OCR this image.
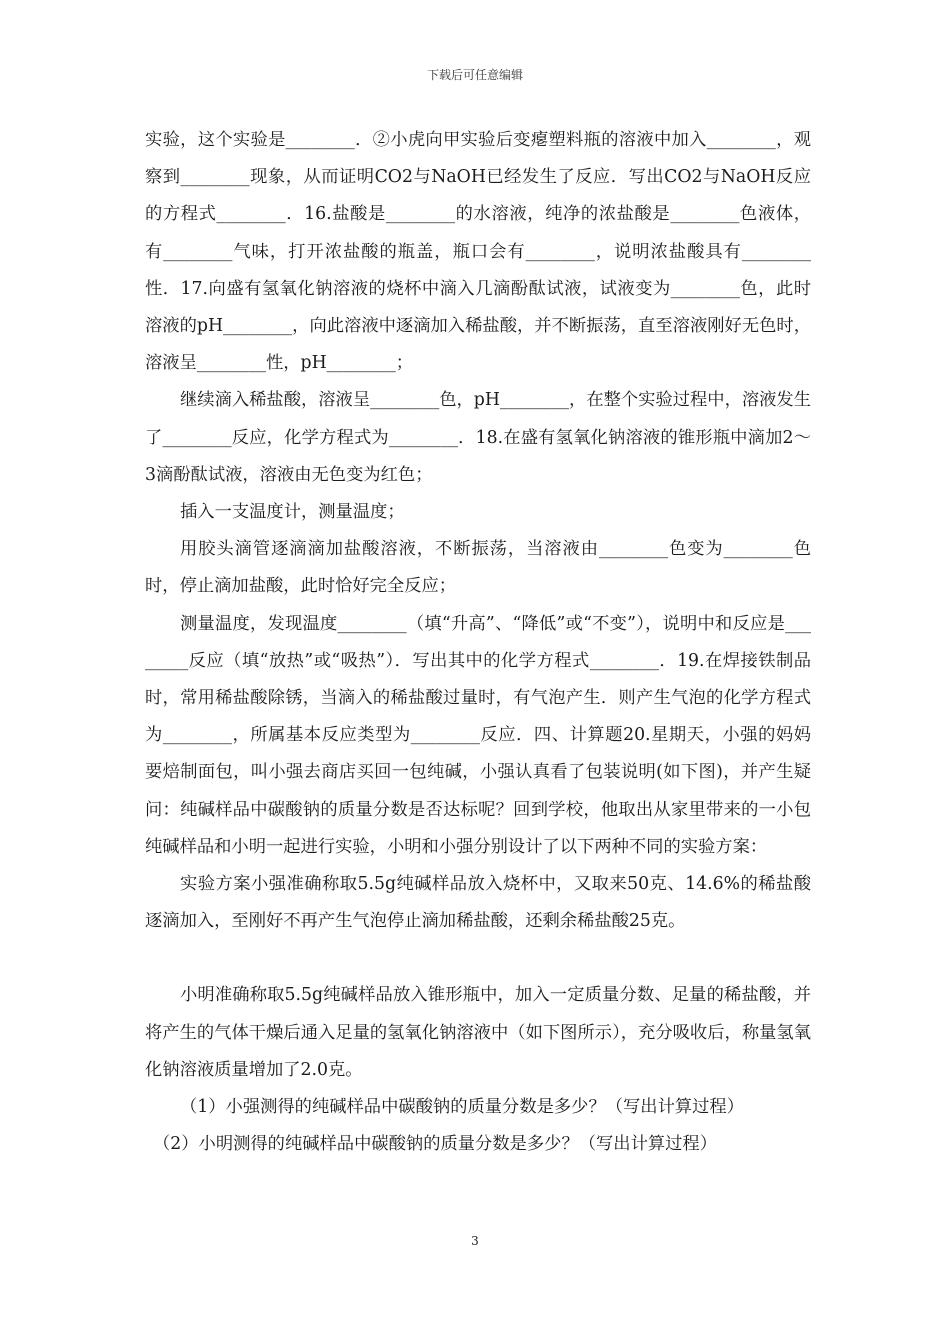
下载后可任意编辑

实验，这个实验是________．②小虎向甲实验后变瘪塑料瓶的溶液中加入________，观察到________现象，从而证明CO2与NaOH已经发生了反应．写出CO2与NaOH反应的方程式________．16.盐酸是________的水溶液，纯净的浓盐酸是________色液体，有________气味，打开浓盐酸的瓶盖，瓶口会有________，说明浓盐酸具有________性．17.向盛有氢氧化钠溶液的烧杯中滴入几滴酚酞试液，试液变为________色，此时溶液的pH________，向此溶液中逐滴加入稀盐酸，并不断振荡，直至溶液刚好无色时，溶液呈________性，pH________；

继续滴入稀盐酸，溶液呈________色，pH________，在整个实验过程中，溶液发生了________反应，化学方程式为________．18.在盛有氢氧化钠溶液的锥形瓶中滴加2～3滴酚酞试液，溶液由无色变为红色；

插入一支温度计，测量温度；

用胶头滴管逐滴滴加盐酸溶液，不断振荡，当溶液由________色变为________色时，停止滴加盐酸，此时恰好完全反应；

测量温度，发现温度________（填“升高”、“降低”或“不变”），说明中和反应是________反应（填“放热”或“吸热”）．写出其中的化学方程式________．19.在焊接铁制品时，常用稀盐酸除锈，当滴入的稀盐酸过量时，有气泡产生．则产生气泡的化学方程式为________，所属基本反应类型为________反应．四、计算题20.星期天，小强的妈妈要焙制面包，叫小强去商店买回一包纯碱，小强认真看了包装说明(如下图)，并产生疑问：纯碱样品中碳酸钠的质量分数是否达标呢？回到学校，他取出从家里带来的一小包纯碱样品和小明一起进行实验，小明和小强分别设计了以下两种不同的实验方案：

实验方案小强准确称取5.5g纯碱样品放入烧杯中，又取来50克、14.6%的稀盐酸逐滴加入，至刚好不再产生气泡停止滴加稀盐酸，还剩余稀盐酸25克。

小明准确称取5.5g纯碱样品放入锥形瓶中，加入一定质量分数、足量的稀盐酸，并将产生的气体干燥后通入足量的氢氧化钠溶液中（如下图所示），充分吸收后，称量氢氧化钠溶液质量增加了2.0克。

（1）小强测得的纯碱样品中碳酸钠的质量分数是多少？（写出计算过程）

（2）小明测得的纯碱样品中碳酸钠的质量分数是多少？（写出计算过程）

3
